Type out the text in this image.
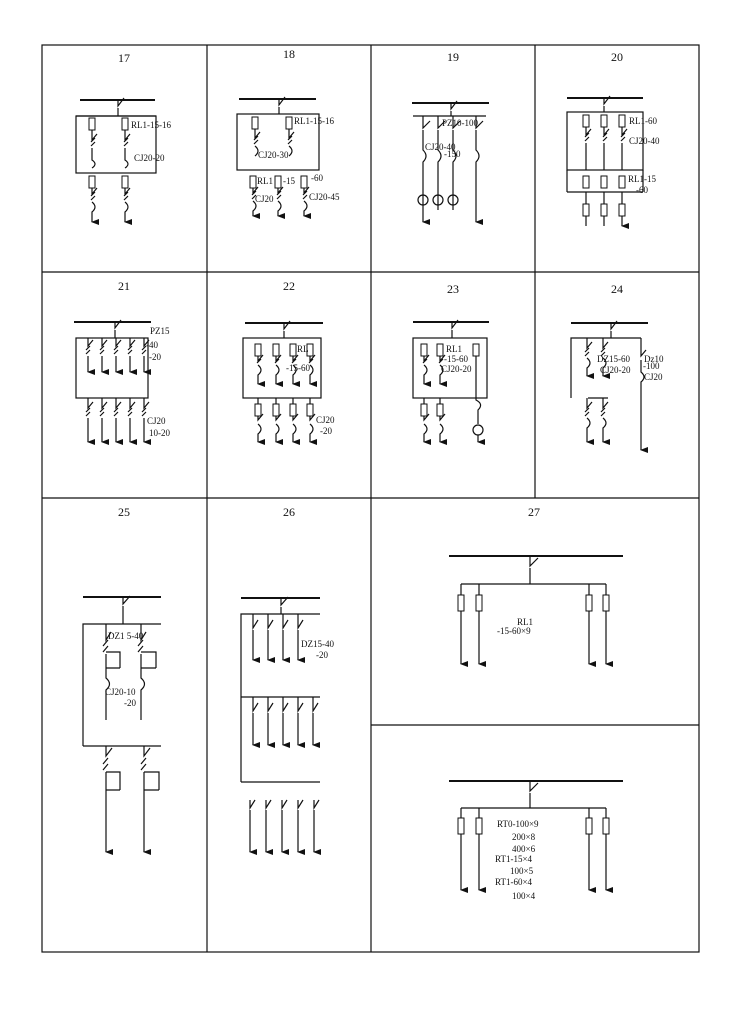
17
RL1-15-16
CJ20-20
18
RL1-15-16
CJ20-30
RL1 -15 -60
CJ20	CJ20-45
19
PZ10-100
CJ20-40
-150
20
RL1-60
CJ20-40
RL1-15
-60
21
PZ15
-40
-20
CJ20
10-20
22
RL
-15-60
CJ20
-20
23
RL1
-15-60
CJ20-20
24
DZ15-60
CJ20-20
Dz10
-100
CJ20
25
DZ1 5-40
CJ20-10
-20
26
DZ15-40
-20
27
RL1
-15-60×9
RT0-100×9
200×8
400×6
RT1-15×4
100×5
RT1-60×4
100×4
